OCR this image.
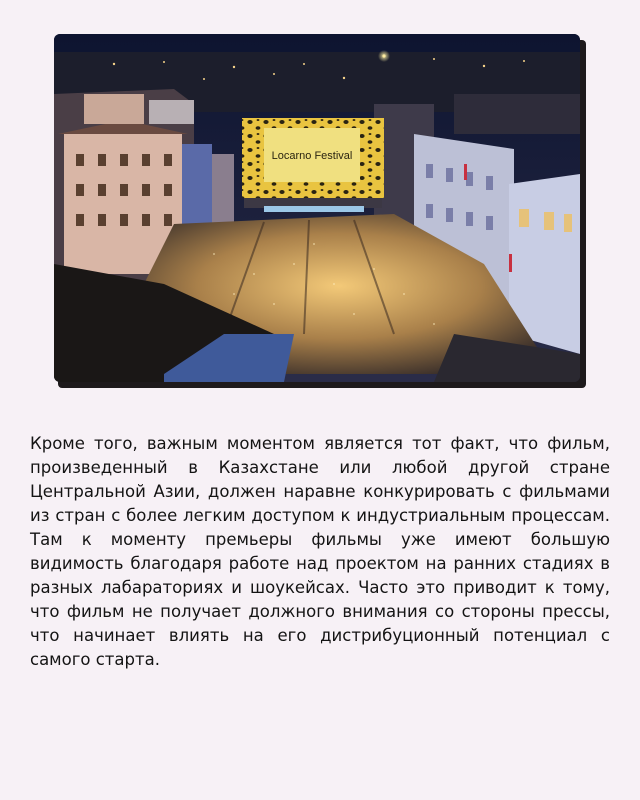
Locarno Festival

Кроме того, важным моментом является тот факт, что фильм, произведенный в Казахстане или любой другой стране Центральной Азии, должен наравне конкурировать с фильмами из стран с более легким доступом к индустриальным процессам. Там к моменту премьеры фильмы уже имеют большую видимость благодаря работе над проектом на ранних стадиях в разных лабараториях и шоукейсах. Часто это приводит к тому, что фильм не получает должного внимания со стороны прессы, что начинает влиять на его дистрибуционный потенциал с самого старта.
